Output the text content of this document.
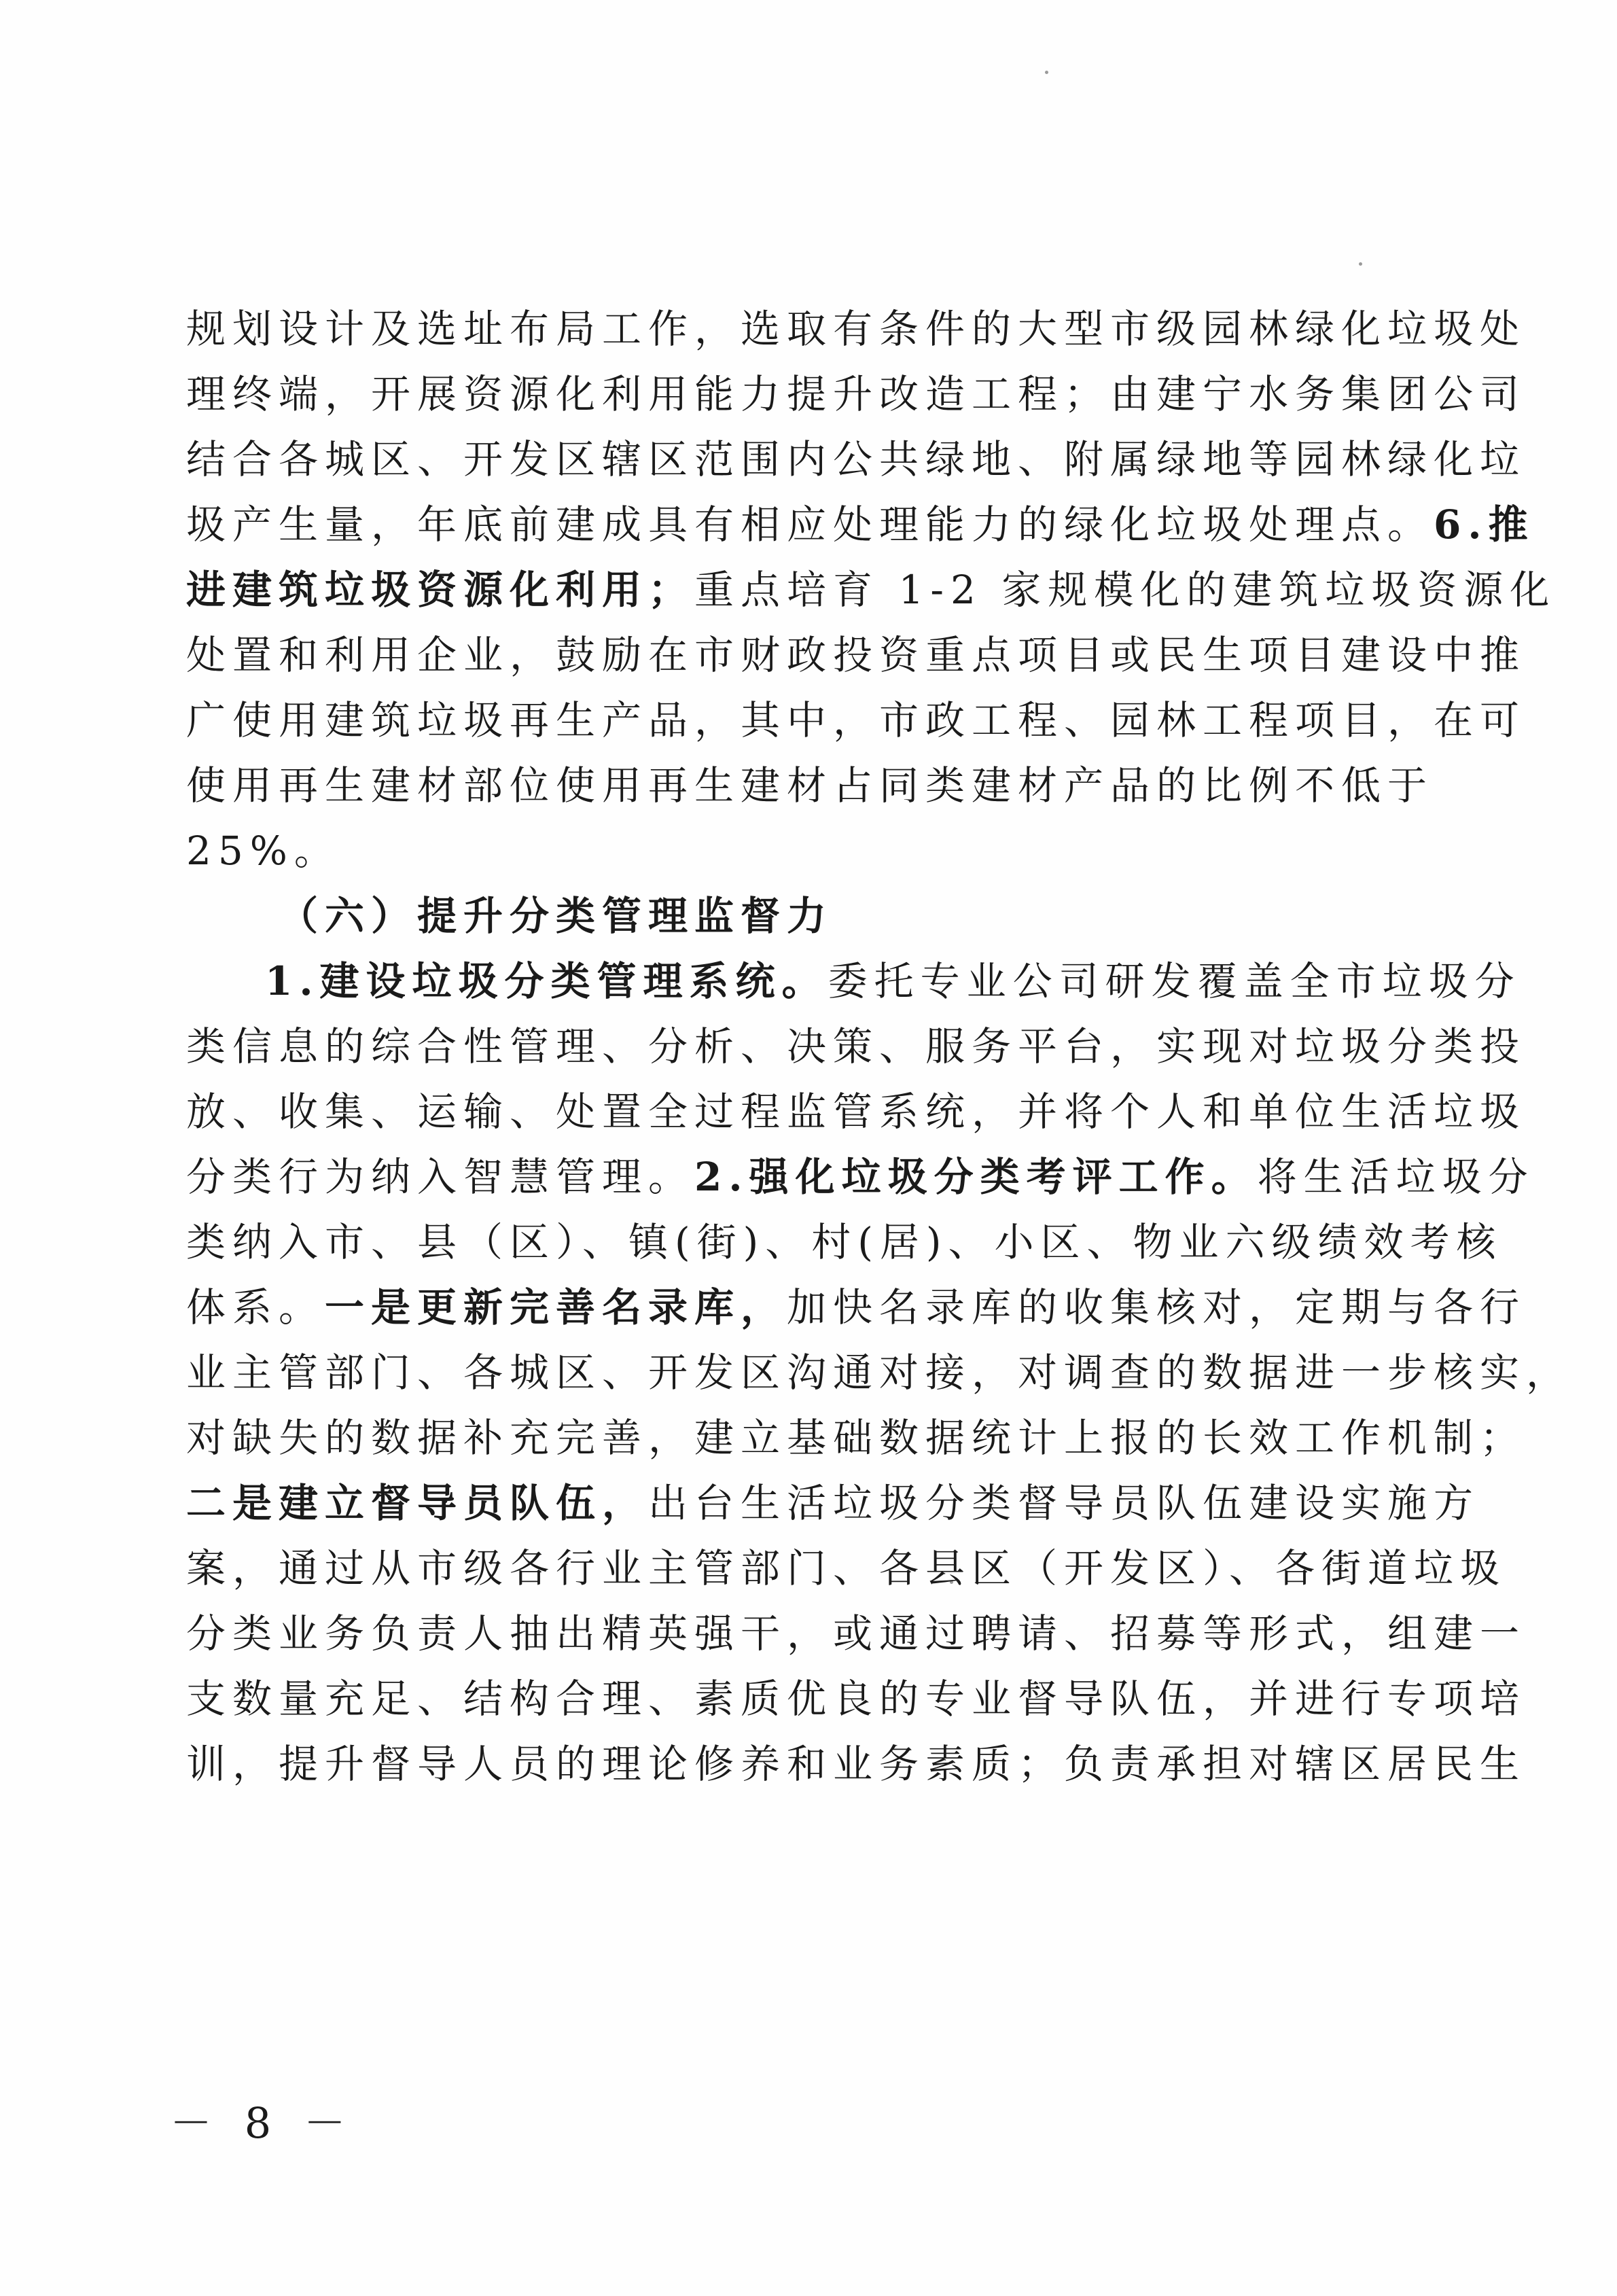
规划设计及选址布局工作，选取有条件的大型市级园林绿化垃圾处
理终端，开展资源化利用能力提升改造工程；由建宁水务集团公司
结合各城区、开发区辖区范围内公共绿地、附属绿地等园林绿化垃
圾产生量，年底前建成具有相应处理能力的绿化垃圾处理点。6.推
进建筑垃圾资源化利用；重点培育 1-2 家规模化的建筑垃圾资源化
处置和利用企业，鼓励在市财政投资重点项目或民生项目建设中推
广使用建筑垃圾再生产品，其中，市政工程、园林工程项目，在可
使用再生建材部位使用再生建材占同类建材产品的比例不低于
25%。
（六）提升分类管理监督力
1.建设垃圾分类管理系统。委托专业公司研发覆盖全市垃圾分
类信息的综合性管理、分析、决策、服务平台，实现对垃圾分类投
放、收集、运输、处置全过程监管系统，并将个人和单位生活垃圾
分类行为纳入智慧管理。2.强化垃圾分类考评工作。将生活垃圾分
类纳入市、县（区）、镇(街)、村(居)、小区、物业六级绩效考核
体系。一是更新完善名录库，加快名录库的收集核对，定期与各行
业主管部门、各城区、开发区沟通对接，对调查的数据进一步核实，
对缺失的数据补充完善，建立基础数据统计上报的长效工作机制；
二是建立督导员队伍，出台生活垃圾分类督导员队伍建设实施方
案，通过从市级各行业主管部门、各县区（开发区）、各街道垃圾
分类业务负责人抽出精英强干，或通过聘请、招募等形式，组建一
支数量充足、结构合理、素质优良的专业督导队伍，并进行专项培
训，提升督导人员的理论修养和业务素质；负责承担对辖区居民生
－ 8 －
